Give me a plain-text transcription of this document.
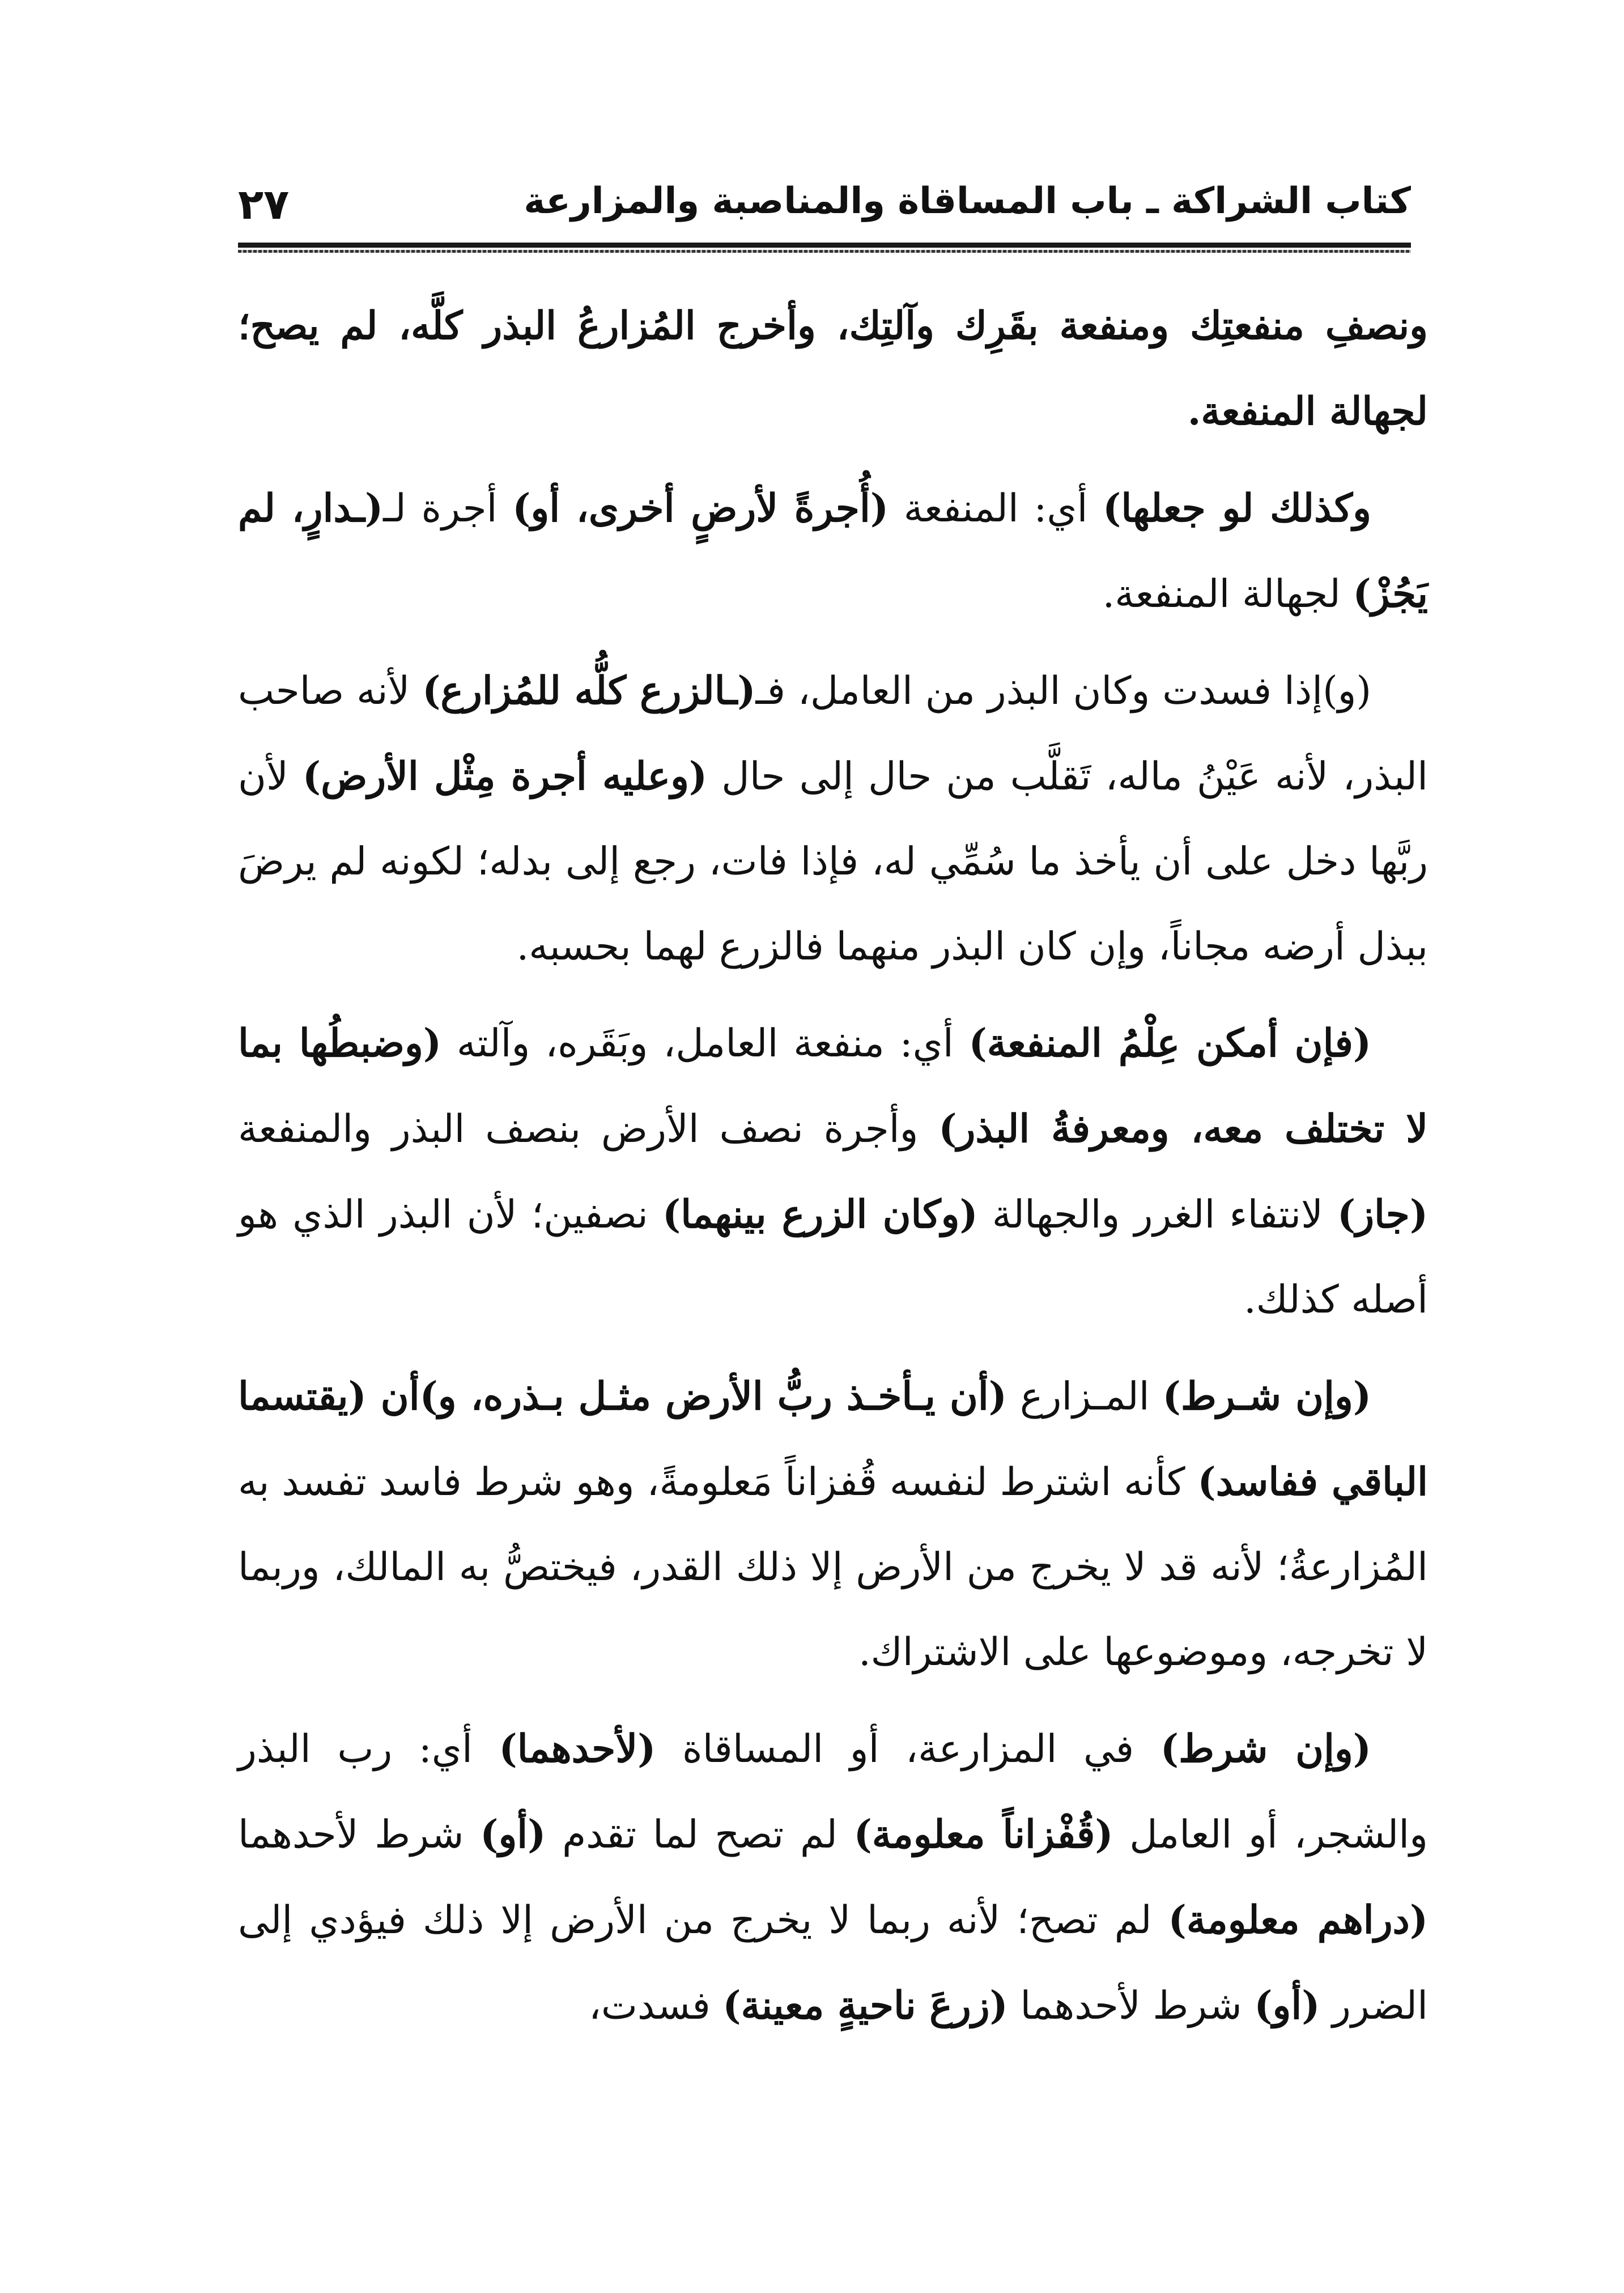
كتاب الشراكة ـ باب المساقاة والمناصبة والمزارعة
٢٧

ونصفِ منفعتِك ومنفعة بقَرِك وآلتِك، وأخرج المُزارعُ البذر كلَّه، لم يصح؛ لجهالة المنفعة.

وكذلك لو جعلها) أي: المنفعة (أُجرةً لأرضٍ أخرى، أو) أجرة لـ(ـدارٍ، لم يَجُزْ) لجهالة المنفعة.

(و)إذا فسدت وكان البذر من العامل، فـ(ـالزرع كلُّه للمُزارع) لأنه صاحب البذر، لأنه عَيْنُ ماله، تَقلَّب من حال إلى حال (وعليه أجرة مِثْل الأرض) لأن ربَّها دخل على أن يأخذ ما سُمِّي له، فإذا فات، رجع إلى بدله؛ لكونه لم يرضَ ببذل أرضه مجاناً، وإن كان البذر منهما فالزرع لهما بحسبه.

(فإن أمكن عِلْمُ المنفعة) أي: منفعة العامل، وبَقَره، وآلته (وضبطُها بما لا تختلف معه، ومعرفةُ البذر) وأجرة نصف الأرض بنصف البذر والمنفعة (جاز) لانتفاء الغرر والجهالة (وكان الزرع بينهما) نصفين؛ لأن البذر الذي هو أصله كذلك.

(وإن شـرط) المـزارع (أن يـأخـذ ربُّ الأرض مثـل بـذره، و)أن (يقتسما الباقي ففاسد) كأنه اشترط لنفسه قُفزاناً مَعلومةً، وهو شرط فاسد تفسد به المُزارعةُ؛ لأنه قد لا يخرج من الأرض إلا ذلك القدر، فيختصُّ به المالك، وربما لا تخرجه، وموضوعها على الاشتراك.

(وإن شرط) في المزارعة، أو المساقاة (لأحدهما) أي: رب البذر والشجر، أو العامل (قُفْزاناً معلومة) لم تصح لما تقدم (أو) شرط لأحدهما (دراهم معلومة) لم تصح؛ لأنه ربما لا يخرج من الأرض إلا ذلك فيؤدي إلى الضرر (أو) شرط لأحدهما (زرعَ ناحيةٍ معينة) فسدت،
